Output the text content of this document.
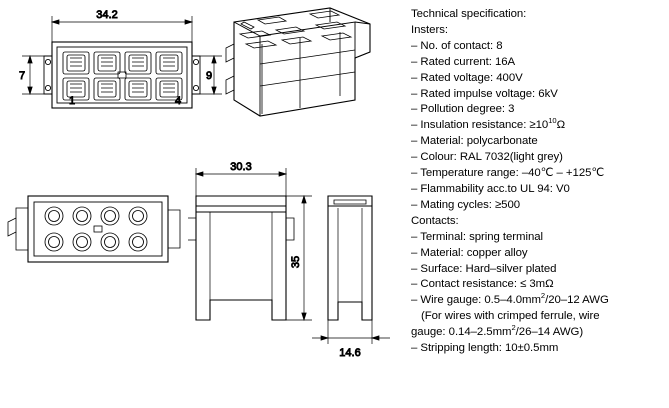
34.2
7	9
1	4
30.3
35
14.6
Technical specification:
Insters:
– No. of contact: 8
– Rated current: 16A
– Rated voltage: 400V
– Rated impulse voltage: 6kV
– Pollution degree: 3
– Insulation resistance: $\ge 10^{10}\Omega$
– Material: polycarbonate
– Colour: RAL 7032(light grey)
– Temperature range: –40℃ – +125℃
– Flammability acc.to UL 94: V0
– Mating cycles: ≥500
Contacts:
– Terminal: spring terminal
– Material: copper alloy
– Surface: Hard–silver plated
– Contact resistance: ≤ 3mΩ
– Wire gauge: $0.5-4.0mm^2/20-12$ AWG
(For wires with crimped ferrule, wire
gauge: $0.14-2.5mm^2/26-14$ AWG)
– Stripping length: 10±0.5mm
